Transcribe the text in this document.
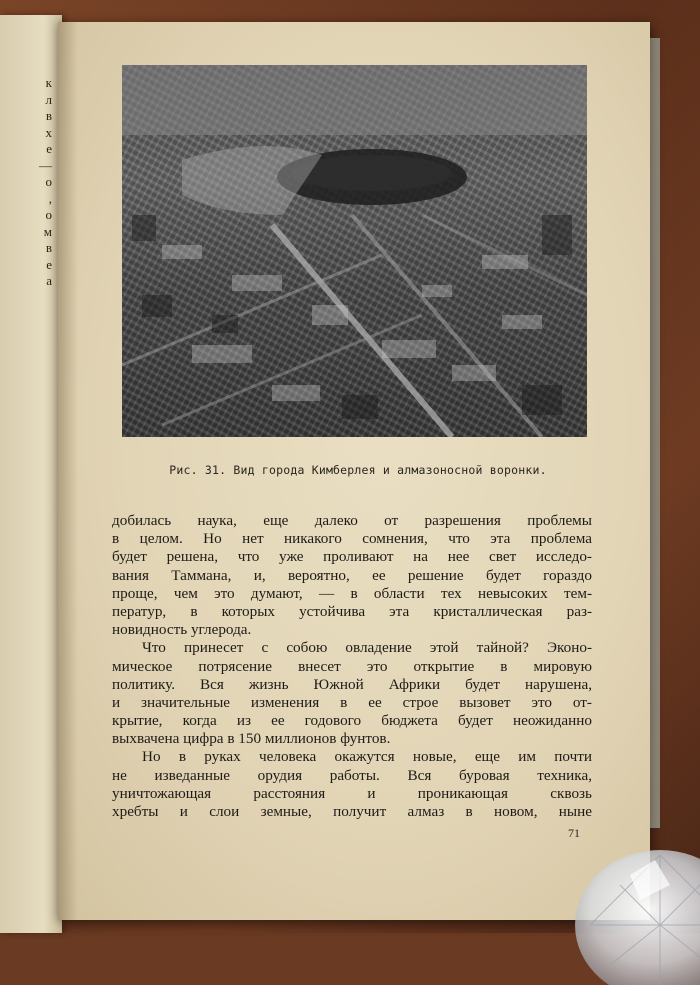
к
л
в
х
е
—
о
,
о
м
в
е
а
Рис. 31. Вид города Кимберлея и алмазоносной воронки.
добилась наука, еще далеко от разрешения проблемы
в целом. Но нет никакого сомнения, что эта проблема
будет решена, что уже проливают на нее свет исследо-
вания Таммана, и, вероятно, ее решение будет гораздо
проще, чем это думают, — в области тех невысоких тем-
ператур, в которых устойчива эта кристаллическая раз-
новидность углерода.
Что принесет с собою овладение этой тайной? Эконо-
мическое потрясение внесет это открытие в мировую
политику. Вся жизнь Южной Африки будет нарушена,
и значительные изменения в ее строе вызовет это от-
крытие, когда из ее годового бюджета будет неожиданно
выхвачена цифра в 150 миллионов фунтов.
Но в руках человека окажутся новые, еще им почти
не изведанные орудия работы. Вся буровая техника,
уничтожающая расстояния и проникающая сквозь
хребты и слои земные, получит алмаз в новом, ныне
71
